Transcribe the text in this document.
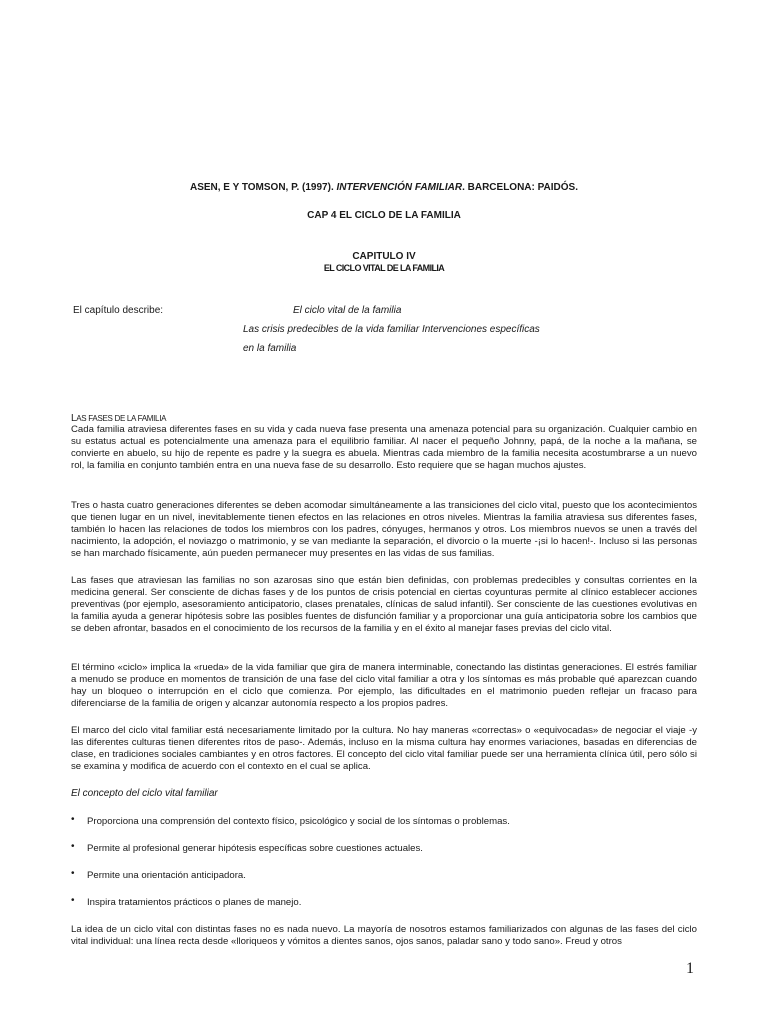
ASEN, E Y TOMSON, P. (1997). INTERVENCIÓN FAMILIAR. BARCELONA: PAIDÓS.
CAP 4 EL CICLO DE LA FAMILIA
CAPITULO IV
EL CICLO VITAL DE LA FAMILIA
El capítulo describe:	El ciclo vital de la familia
Las crisis predecibles de la vida familiar Intervenciones específicas
en la familia
LAS FASES DE LA FAMILIA
Cada familia atraviesa diferentes fases en su vida y cada nueva fase presenta una amenaza potencial para su organización. Cualquier cambio en su estatus actual es potencialmente una amenaza para el equilibrio familiar. Al nacer el pequeño Johnny, papá, de la noche a la mañana, se convierte en abuelo, su hijo de repente es padre y la suegra es abuela. Mientras cada miembro de la familia necesita acostumbrarse a un nuevo rol, la familia en conjunto también entra en una nueva fase de su desarrollo. Esto requiere que se hagan muchos ajustes.
Tres o hasta cuatro generaciones diferentes se deben acomodar simultáneamente a las transiciones del ciclo vital, puesto que los acontecimientos que tienen lugar en un nivel, inevitablemente tienen efectos en las relaciones en otros niveles. Mientras la familia atraviesa sus diferentes fases, también lo hacen las relaciones de todos los miembros con los padres, cónyuges, hermanos y otros. Los miembros nuevos se unen a través del nacimiento, la adopción, el noviazgo o matrimonio, y se van mediante la separación, el divorcio o la muerte -¡si lo hacen!-. Incluso si las personas se han marchado físicamente, aún pueden permanecer muy presentes en las vidas de sus familias.
Las fases que atraviesan las familias no son azarosas sino que están bien definidas, con problemas predecibles y consultas corrientes en la medicina general. Ser consciente de dichas fases y de los puntos de crisis potencial en ciertas coyunturas permite al clínico establecer acciones preventivas (por ejemplo, asesoramiento anticipatorio, clases prenatales, clínicas de salud infantil). Ser consciente de las cuestiones evolutivas en la familia ayuda a generar hipótesis sobre las posibles fuentes de disfunción familiar y a proporcionar una guía anticipatoria sobre los cambios que se deben afrontar, basados en el conocimiento de los recursos de la familia y en el éxito al manejar fases previas del ciclo vital.
El término «ciclo» implica la «rueda» de la vida familiar que gira de manera interminable, conectando las distintas generaciones. El estrés familiar a menudo se produce en momentos de transición de una fase del ciclo vital familiar a otra y los síntomas es más probable qué aparezcan cuando hay un bloqueo o interrupción en el ciclo que comienza. Por ejemplo, las dificultades en el matrimonio pueden reflejar un fracaso para diferenciarse de la familia de origen y alcanzar autonomía respecto a los propios padres.
El marco del ciclo vital familiar está necesariamente limitado por la cultura. No hay maneras «correctas» o «equivocadas» de negociar el viaje -y las diferentes culturas tienen diferentes ritos de paso-. Además, incluso en la misma cultura hay enormes variaciones, basadas en diferencias de clase, en tradiciones sociales cambiantes y en otros factores. El concepto del ciclo vital familiar puede ser una herramienta clínica útil, pero sólo si se examina y modifica de acuerdo con el contexto en el cual se aplica.
El concepto del ciclo vital familiar
• Proporciona una comprensión del contexto físico, psicológico y social de los síntomas o problemas.
• Permite al profesional generar hipótesis específicas sobre cuestiones actuales.
• Permite una orientación anticipadora.
• Inspira tratamientos prácticos o planes de manejo.
La idea de un ciclo vital con distintas fases no es nada nuevo. La mayoría de nosotros estamos familiarizados con algunas de las fases del ciclo vital individual: una línea recta desde «lloriqueos y vómitos a dientes sanos, ojos sanos, paladar sano y todo sano». Freud y otros
1
